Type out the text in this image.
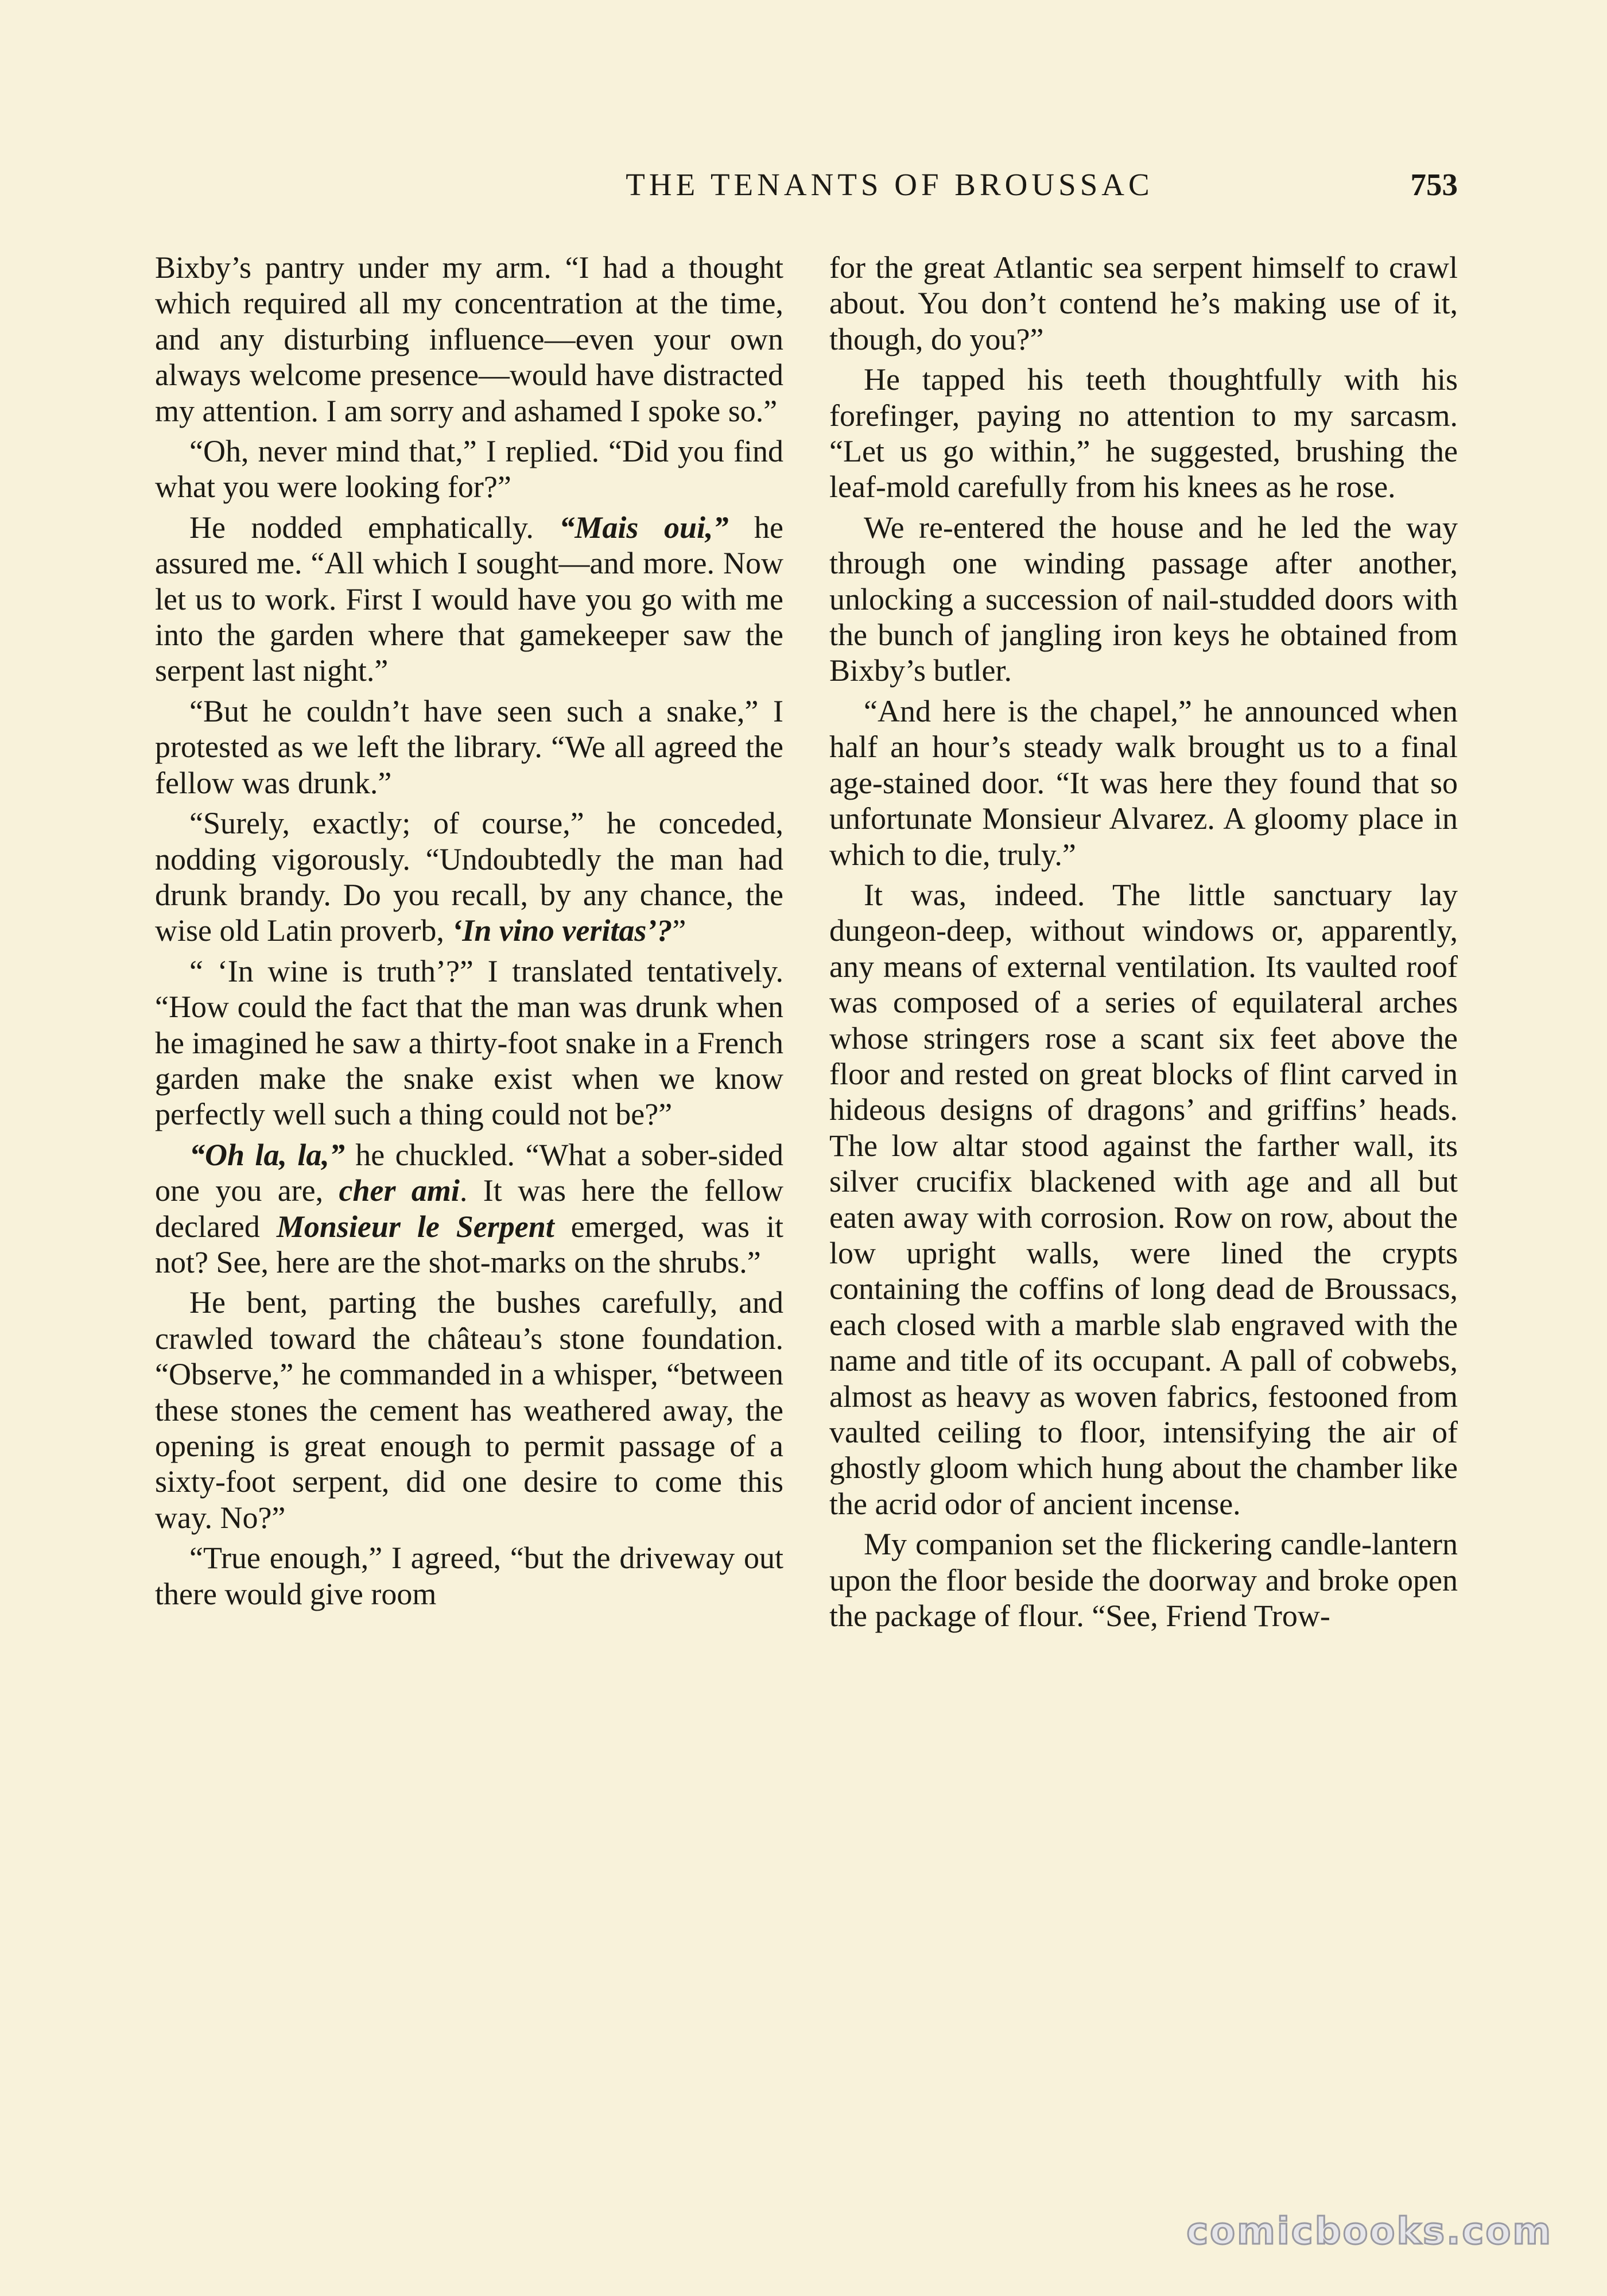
THE TENANTS OF BROUSSAC	753

Bixby’s pantry under my arm. “I had a thought which required all my concentration at the time, and any disturbing influence—even your own always welcome presence—would have distracted my attention. I am sorry and ashamed I spoke so.”

“Oh, never mind that,” I replied. “Did you find what you were looking for?”

He nodded emphatically. “Mais oui,” he assured me. “All which I sought—and more. Now let us to work. First I would have you go with me into the garden where that gamekeeper saw the serpent last night.”

“But he couldn’t have seen such a snake,” I protested as we left the library. “We all agreed the fellow was drunk.”

“Surely, exactly; of course,” he conceded, nodding vigorously. “Undoubtedly the man had drunk brandy. Do you recall, by any chance, the wise old Latin proverb, ‘In vino veritas’?”

“ ‘In wine is truth’?” I translated tentatively. “How could the fact that the man was drunk when he imagined he saw a thirty-foot snake in a French garden make the snake exist when we know perfectly well such a thing could not be?”

“Oh la, la,” he chuckled. “What a sober-sided one you are, cher ami. It was here the fellow declared Monsieur le Serpent emerged, was it not? See, here are the shot-marks on the shrubs.”

He bent, parting the bushes carefully, and crawled toward the château’s stone foundation. “Observe,” he commanded in a whisper, “between these stones the cement has weathered away, the opening is great enough to permit passage of a sixty-foot serpent, did one desire to come this way. No?”

“True enough,” I agreed, “but the driveway out there would give room

for the great Atlantic sea serpent himself to crawl about. You don’t contend he’s making use of it, though, do you?”

He tapped his teeth thoughtfully with his forefinger, paying no attention to my sarcasm. “Let us go within,” he suggested, brushing the leaf-mold carefully from his knees as he rose.

We re-entered the house and he led the way through one winding passage after another, unlocking a succession of nail-studded doors with the bunch of jangling iron keys he obtained from Bixby’s butler.

“And here is the chapel,” he announced when half an hour’s steady walk brought us to a final age-stained door. “It was here they found that so unfortunate Monsieur Alvarez. A gloomy place in which to die, truly.”

It was, indeed. The little sanctuary lay dungeon-deep, without windows or, apparently, any means of external ventilation. Its vaulted roof was composed of a series of equilateral arches whose stringers rose a scant six feet above the floor and rested on great blocks of flint carved in hideous designs of dragons’ and griffins’ heads. The low altar stood against the farther wall, its silver crucifix blackened with age and all but eaten away with corrosion. Row on row, about the low upright walls, were lined the crypts containing the coffins of long dead de Broussacs, each closed with a marble slab engraved with the name and title of its occupant. A pall of cobwebs, almost as heavy as woven fabrics, festooned from vaulted ceiling to floor, intensifying the air of ghostly gloom which hung about the chamber like the acrid odor of ancient incense.

My companion set the flickering candle-lantern upon the floor beside the doorway and broke open the package of flour. “See, Friend Trow-

comicbooks.com
